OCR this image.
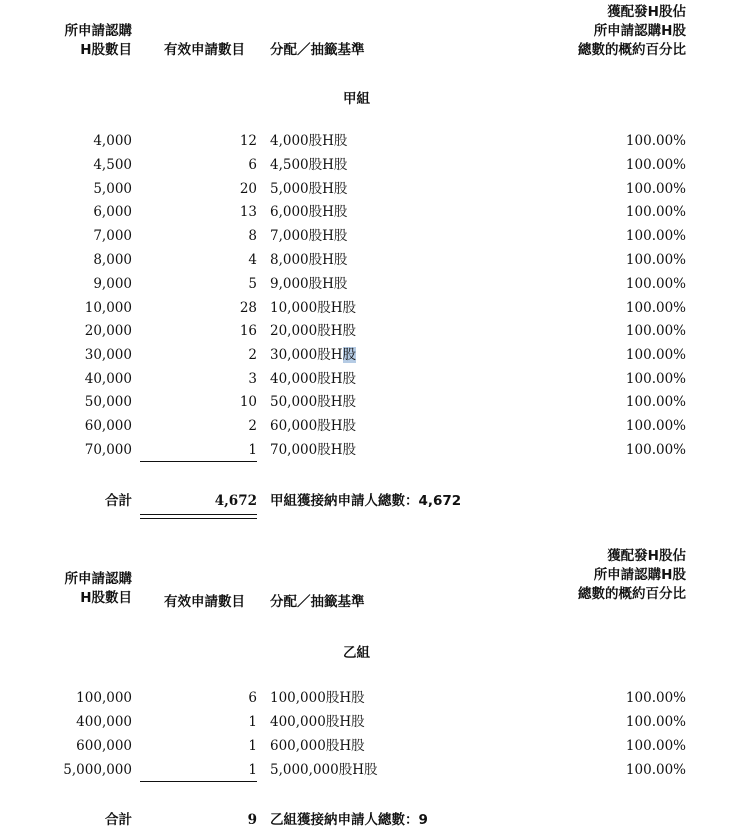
所申請認購
H股數目 有效申請數目 分配／抽籤基準
獲配發H股佔
所申請認購H股
總數的概約百分比
甲組
4,000	12 4,000股H股	100.00%
4,500	6 4,500股H股	100.00%
5,000	20 5,000股H股	100.00%
6,000	13 6,000股H股	100.00%
7,000	8 7,000股H股	100.00%
8,000	4 8,000股H股	100.00%
9,000	5 9,000股H股	100.00%
10,000	28 10,000股H股	100.00%
20,000	16 20,000股H股	100.00%
30,000	2 30,000股H股	100.00%
40,000	3 40,000股H股	100.00%
50,000	10 50,000股H股	100.00%
60,000	2 60,000股H股	100.00%
70,000	1 70,000股H股	100.00%
合計	4,672 甲組獲接納申請人總數：4,672
所申請認購
H股數目 有效申請數目 分配／抽籤基準
獲配發H股佔
所申請認購H股
總數的概約百分比
乙組
100,000	6 100,000股H股	100.00%
400,000	1 400,000股H股	100.00%
600,000	1 600,000股H股	100.00%
5,000,000	1 5,000,000股H股	100.00%
合計	9 乙組獲接納申請人總數：9
